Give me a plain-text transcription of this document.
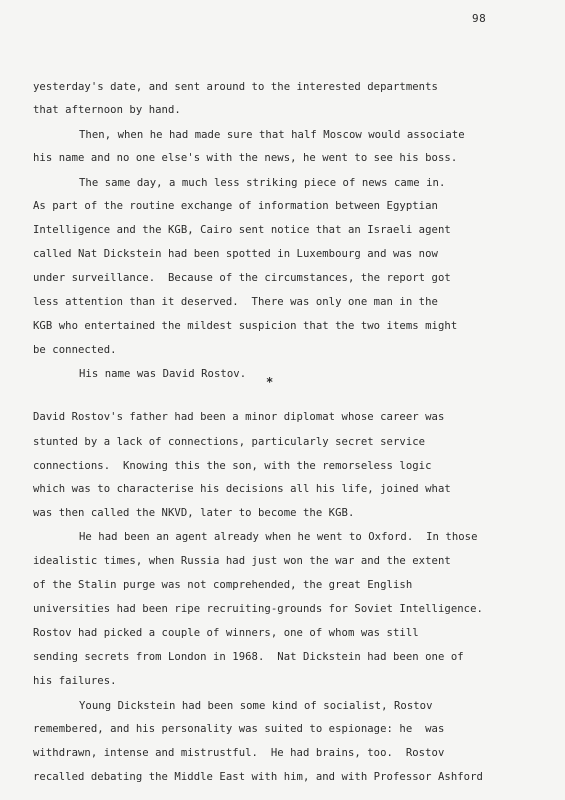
98
yesterday's date, and sent around to the interested departments
that afternoon by hand.
Then, when he had made sure that half Moscow would associate
his name and no one else's with the news, he went to see his boss.
The same day, a much less striking piece of news came in.
As part of the routine exchange of information between Egyptian
Intelligence and the KGB, Cairo sent notice that an Israeli agent
called Nat Dickstein had been spotted in Luxembourg and was now
under surveillance.  Because of the circumstances, the report got
less attention than it deserved.  There was only one man in the
KGB who entertained the mildest suspicion that the two items might
be connected.
His name was David Rostov.
*
David Rostov's father had been a minor diplomat whose career was
stunted by a lack of connections, particularly secret service
connections.  Knowing this the son, with the remorseless logic
which was to characterise his decisions all his life, joined what
was then called the NKVD, later to become the KGB.
He had been an agent already when he went to Oxford.  In those
idealistic times, when Russia had just won the war and the extent
of the Stalin purge was not comprehended, the great English
universities had been ripe recruiting-grounds for Soviet Intelligence.
Rostov had picked a couple of winners, one of whom was still
sending secrets from London in 1968.  Nat Dickstein had been one of
his failures.
Young Dickstein had been some kind of socialist, Rostov
remembered, and his personality was suited to espionage: he  was
withdrawn, intense and mistrustful.  He had brains, too.  Rostov
recalled debating the Middle East with him, and with Professor Ashford
